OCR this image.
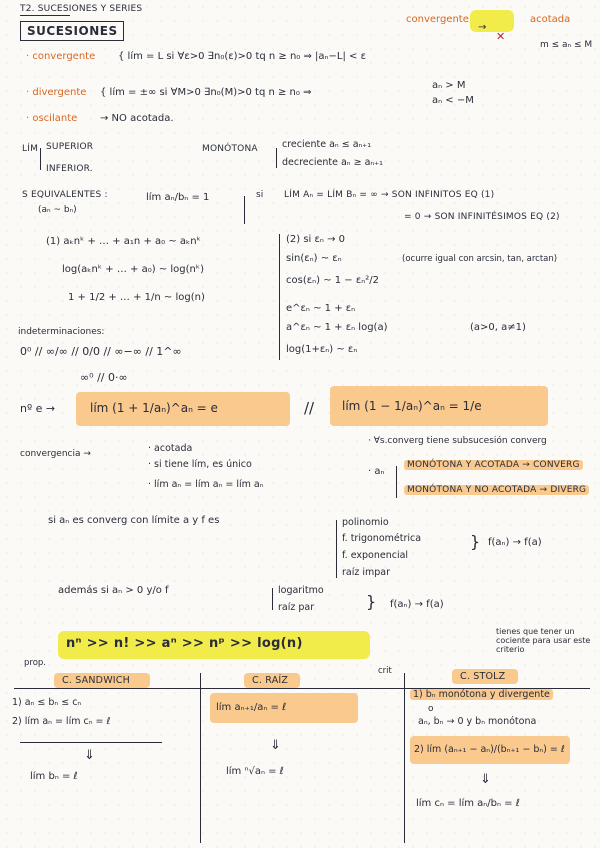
T2. SUCESIONES Y SERIES
SUCESIONES
convergente
→
acotada
✕
m ≤ aₙ ≤ M
· convergente { lím = L si ∀ε>0 ∃n₀(ε)>0 tq n ≥ n₀ ⇒ |aₙ−L| < ε
· divergente { lím = ±∞ si ∀M>0 ∃n₀(M)>0 tq n ≥ n₀ ⇒
aₙ > M
aₙ < −M
· oscilante → NO acotada.
LÍM SUPERIOR
INFERIOR.
MONÓTONA	creciente aₙ ≤ aₙ₊₁
decreciente aₙ ≥ aₙ₊₁
S EQUIVALENTES :
(aₙ ~ bₙ)
lím aₙ/bₙ = 1	si LÍM Aₙ = LÍM Bₙ = ∞ → SON INFINITOS EQ (1)
= 0 → SON INFINITÉSIMOS EQ (2)
(1) aₖnᵏ + … + a₁n + a₀ ~ aₖnᵏ
log(aₖnᵏ + … + a₀) ~ log(nᵏ)
1 + 1/2 + … + 1/n ~ log(n)
(2) si εₙ → 0
sin(εₙ) ~ εₙ	(ocurre igual con arcsin, tan, arctan)
cos(εₙ) ~ 1 − εₙ²/2
e^εₙ ~ 1 + εₙ
a^εₙ ~ 1 + εₙ log(a)	(a>0, a≠1)
log(1+εₙ) ~ εₙ
indeterminaciones:
0⁰ // ∞/∞ // 0/0 // ∞−∞ // 1^∞
∞⁰ // 0·∞
nº e →	lím (1 + 1/aₙ)^aₙ = e	// lím (1 − 1/aₙ)^aₙ = 1/e
convergencia →	· acotada
· si tiene lím, es único
· lím aₙ = lím aₙ = lím aₙ
· ∀s.converg tiene subsucesión converg
· aₙ
MONÓTONA Y ACOTADA → CONVERG
MONÓTONA Y NO ACOTADA → DIVERG
si aₙ es converg con límite a y f es	polinomio
f. trigonométrica
f. exponencial
raíz impar
} f(aₙ) → f(a)
además si aₙ > 0 y/o f	logaritmo
raíz par	} f(aₙ) → f(a)
nⁿ >> n! >> aⁿ >> nᵖ >> log(n)
tienes que tener un cociente para usar este criterio
prop.
crit
C. SANDWICH
1) aₙ ≤ bₙ ≤ cₙ
2) lím aₙ = lím cₙ = ℓ
⇓
lím bₙ = ℓ
C. RAÍZ
lím aₙ₊₁/aₙ = ℓ
⇓
lím ⁿ√aₙ = ℓ
C. STOLZ
1) bₙ monótona y divergente
o
aₙ, bₙ → 0 y bₙ monótona
2) lím (aₙ₊₁ − aₙ)/(bₙ₊₁ − bₙ) = ℓ
⇓
lím cₙ = lím aₙ/bₙ = ℓ
